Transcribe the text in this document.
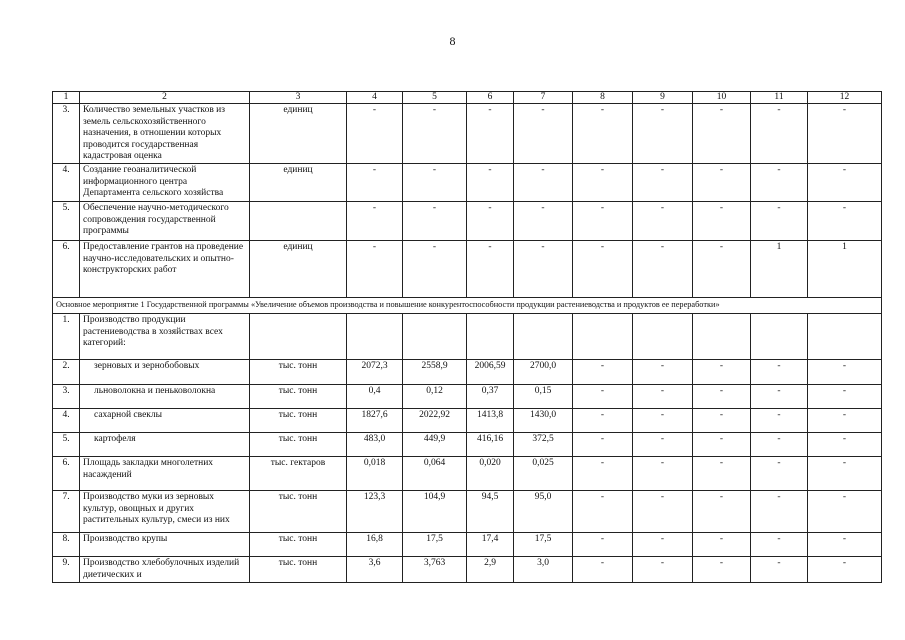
8
1	2	3	4	5	6	7	8	9	10	11	12
3.	Количество земельных участков из земель сельскохозяйственного назначения, в отношении которых проводится государственная кадастровая оценка	единиц	-	-	-	-	-	-	-	-	-
4.	Создание геоаналитической информационного центра Департамента сельского хозяйства	единиц	-	-	-	-	-	-	-	-	-
5.	Обеспечение научно-методического сопровождения государственной программы		-	-	-	-	-	-	-	-	-
6.	Предоставление грантов на проведение научно-исследовательских и опытно-конструкторских работ	единиц	-	-	-	-	-	-	-	1	1
Основное мероприятие 1 Государственной программы «Увеличение объемов производства и повышение конкурентоспособности продукции растениеводства и продуктов ее переработки»											
1.	Производство продукции растениеводства в хозяйствах всех категорий:										
2.	зерновых и зернобобовых	тыс. тонн	2072,3	2558,9	2006,59	2700,0	-	-	-	-	-
3.	льноволокна и пеньковолокна	тыс. тонн	0,4	0,12	0,37	0,15	-	-	-	-	-
4.	сахарной свеклы	тыс. тонн	1827,6	2022,92	1413,8	1430,0	-	-	-	-	-
5.	картофеля	тыс. тонн	483,0	449,9	416,16	372,5	-	-	-	-	-
6.	Площадь закладки многолетних насаждений	тыс. гектаров	0,018	0,064	0,020	0,025	-	-	-	-	-
7.	Производство муки из зерновых культур, овощных и других растительных культур, смеси из них	тыс. тонн	123,3	104,9	94,5	95,0	-	-	-	-	-
8.	Производство крупы	тыс. тонн	16,8	17,5	17,4	17,5	-	-	-	-	-
9.	Производство хлебобулочных изделий диетических и	тыс. тонн	3,6	3,763	2,9	3,0	-	-	-	-	-
